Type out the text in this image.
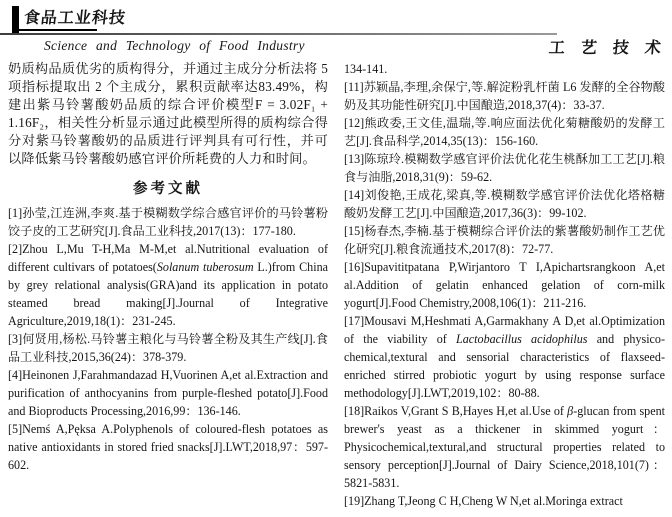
食品工业科技
Science and Technology of Food Industry	工 艺 技 术

奶质构品质优劣的质构得分，并通过主成分分析法将 5 项指标提取出 2 个主成分，累积贡献率达83.49%，构建出紫马铃薯酸奶品质的综合评价模型F = 3.02F₁ + 1.16F₂，相关性分析显示通过此模型所得的质构综合得分对紫马铃薯酸奶的品质进行评判具有可行性，并可以降低紫马铃薯酸奶感官评价所耗费的人力和时间。

参考文献

[1]孙莹,江连洲,李爽.基于模糊数学综合感官评价的马铃薯粉饺子皮的工艺研究[J].食品工业科技,2017(13)：177-180.

[2]Zhou L,Mu T-H,Ma M-M,et al.Nutritional evaluation of different cultivars of potatoes(Solanum tuberosum L.)from China by grey relational analysis(GRA)and its application in potato steamed bread making[J].Journal of Integrative Agriculture,2019,18(1)：231-245.

[3]何贤用,杨松.马铃薯主粮化与马铃薯全粉及其生产线[J].食品工业科技,2015,36(24)：378-379.

[4]Heinonen J,Farahmandazad H,Vuorinen A,et al.Extraction and purification of anthocyanins from purple-fleshed potato[J].Food and Bioproducts Processing,2016,99：136-146.

[5]Nemś A,Pęksa A.Polyphenols of coloured-flesh potatoes as native antioxidants in stored fried snacks[J].LWT,2018,97：597-602.

134-141.

[11]苏颖晶,李理,余保宁,等.解淀粉乳杆菌 L6 发酵的全谷物酸奶及其功能性研究[J].中国酿造,2018,37(4)：33-37.

[12]熊政委,王文佳,温瑞,等.响应面法优化菊糖酸奶的发酵工艺[J].食品科学,2014,35(13)：156-160.

[13]陈琼玲.模糊数学感官评价法优化花生桃酥加工工艺[J].粮食与油脂,2018,31(9)：59-62.

[14]刘俊艳,王成花,梁真,等.模糊数学感官评价法优化塔格糖酸奶发酵工艺[J].中国酿造,2017,36(3)：99-102.

[15]杨春杰,李楠.基于模糊综合评价法的紫薯酸奶制作工艺优化研究[J].粮食流通技术,2017(8)：72-77.

[16]Supavititpatana P,Wirjantoro T I,Apichartsrangkoon A,et al.Addition of gelatin enhanced gelation of corn-milk yogurt[J].Food Chemistry,2008,106(1)：211-216.

[17]Mousavi M,Heshmati A,Garmakhany A D,et al.Optimization of the viability of Lactobacillus acidophilus and physico-chemical,textural and sensorial characteristics of flaxseed-enriched stirred probiotic yogurt by using response surface methodology[J].LWT,2019,102：80-88.

[18]Raikos V,Grant S B,Hayes H,et al.Use of β-glucan from spent brewer's yeast as a thickener in skimmed yogurt：Physicochemical,textural,and structural properties related to sensory perception[J].Journal of Dairy Science,2018,101(7)：5821-5831.

[19]Zhang T,Jeong C H,Cheng W N,et al.Moringa extract
